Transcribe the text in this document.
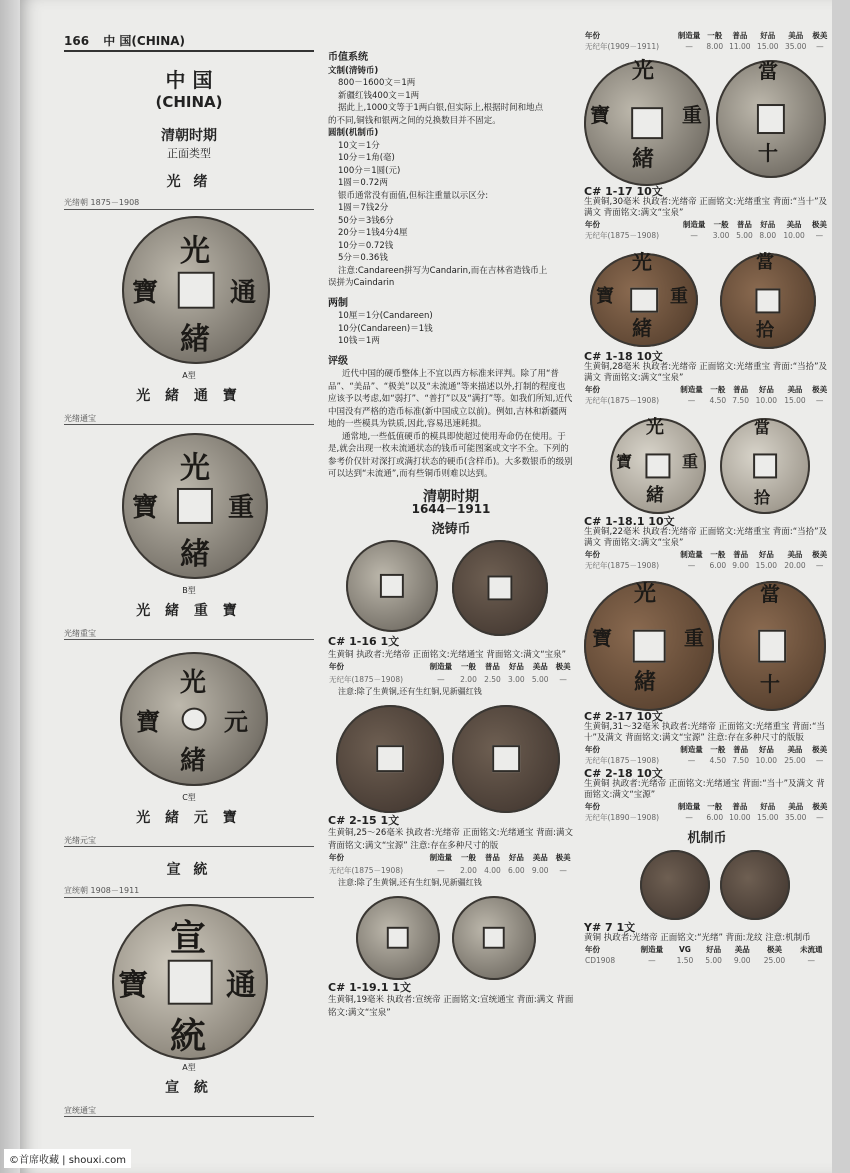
166 中 国(CHINA)
中 国
(CHINA)
清朝时期
正面类型
光 绪
光绪朝 1875－1908
光
緒
寶	通
A型
光 緒 通 寶
光绪通宝
光
緒
寶	重
B型
光 緒 重 寶
光绪重宝
光
緒
寶	元
C型
光 緒 元 寶
光绪元宝
宣 統
宣统朝 1908－1911
宣
統
寶	通
A型
宣 統
宣统通宝
币值系统
文制(清铸币)
800－1600文＝1两
新疆红钱400文＝1两
据此上,1000文等于1两白银,但实际上,根据时间和地点
的不同,铜钱和银两之间的兑换数目并不固定。
圆制(机制币)
10文＝1分
10分＝1角(毫)
100分＝1圆(元)
1圆＝0.72两
银币通常没有面值,但标注重量以示区分:
1圆＝7钱2分
50分＝3钱6分
20分＝1钱4分4厘
10分＝0.72钱
5分＝0.36钱
注意:Candareen拼写为Candarin,而在吉林省造钱币上
误拼为Caindarin
两制
10厘＝1分(Candareen)
10分(Candareen)＝1钱
10钱＝1两
评级
近代中国的硬币整体上不宜以西方标准来评判。除了用“普品”、“美品”、“极美”以及“未流通”等来描述以外,打制的程度也应该予以考虑,如“弱打”、“普打”以及“满打”等。如我们所知,近代中国没有严格的造币标准(新中国成立以前)。例如,吉林和新疆两地的一些模具为铁质,因此,容易迅速耗损。
通常地,一些低值硬币的模具即使超过使用寿命仍在使用。于是,就会出现一枚未流通状态的钱币可能图案或文字不全。下列的参考价仅针对深打或满打状态的硬币(含样币)。大多数银币的级别可以达到“未流通”,而有些铜币则难以达到。
清朝时期
1644－1911
浇铸币
C# 1-16 1文
生黄铜 执政者:光绪帝 正面铭文:光绪通宝 背面铭文:满文“宝泉”
年份	制造量	一般	普品	好品	美品	极美
无纪年(1875－1908)	—	2.00	2.50	3.00	5.00	—
注意:除了生黄铜,还有生红铜,见新疆红钱
C# 2-15 1文
生黄铜,25～26毫米 执政者:光绪帝 正面铭文:光绪通宝 背面:满文 背面铭文:满文“宝源” 注意:存在多种尺寸的版
年份	制造量	一般	普品	好品	美品	极美
无纪年(1875－1908)	—	2.00	4.00	6.00	9.00	—
注意:除了生黄铜,还有生红铜,见新疆红钱
C# 1-19.1 1文
生黄铜,19毫米 执政者:宣统帝 正面铭文:宣统通宝 背面:满文 背面铭文:满文“宝泉”
年份	制造量	一般	普品	好品	美品	极美
无纪年(1909－1911)	—	8.00	11.00	15.00	35.00	—
光
緒
寶	重
當
十
C# 1-17 10文
生黄铜,30毫米 执政者:光绪帝 正面铭文:光绪重宝 背面:“当十”及满文 背面铭文:满文“宝泉”
年份	制造量	一般	普品	好品	美品	极美
无纪年(1875－1908)	—	3.00	5.00	8.00	10.00	—
光
緒
寶	重
當
拾
C# 1-18 10文
生黄铜,28毫米 执政者:光绪帝 正面铭文:光绪重宝 背面:“当拾”及满文 背面铭文:满文“宝泉”
年份	制造量	一般	普品	好品	美品	极美
无纪年(1875－1908)	—	4.50	7.50	10.00	15.00	—
光
緒
寶	重
當
拾
C# 1-18.1 10文
生黄铜,22毫米 执政者:光绪帝 正面铭文:光绪重宝 背面:“当拾”及满文 背面铭文:满文“宝泉”
年份	制造量	一般	普品	好品	美品	极美
无纪年(1875－1908)	—	6.00	9.00	15.00	20.00	—
光
緒
寶	重
當
十
C# 2-17 10文
生黄铜,31～32毫米 执政者:光绪帝 正面铭文:光绪重宝 背面:“当十”及满文 背面铭文:满文“宝源” 注意:存在多种尺寸的版版
年份	制造量	一般	普品	好品	美品	极美
无纪年(1875－1908)	—	4.50	7.50	10.00	25.00	—
C# 2-18 10文
生黄铜 执政者:光绪帝 正面铭文:光绪通宝 背面:“当十”及满文 背面铭文:满文“宝源”
年份	制造量	一般	普品	好品	美品	极美
无纪年(1890－1908)	—	6.00	10.00	15.00	35.00	—
机制币
Y# 7 1文
黄铜 执政者:光绪帝 正面铭文:“光绪” 背面:龙纹 注意:机制币
年份	制造量	VG	好品	美品	极美	未流通
CD1908	—	1.50	5.00	9.00	25.00	—
©首席收藏 | shouxi.com
